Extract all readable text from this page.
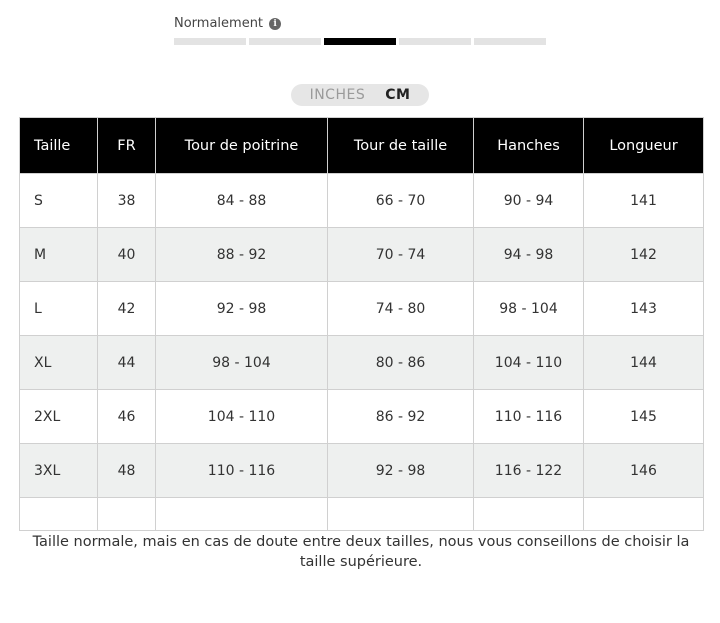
Normalement	i
INCHES CM
Taille	FR	Tour de poitrine	Tour de taille	Hanches	Longueur
S	38	84 - 88	66 - 70	90 - 94	141
M	40	88 - 92	70 - 74	94 - 98	142
L	42	92 - 98	74 - 80	98 - 104	143
XL	44	98 - 104	80 - 86	104 - 110	144
2XL	46	104 - 110	86 - 92	110 - 116	145
3XL	48	110 - 116	92 - 98	116 - 122	146

Taille normale, mais en cas de doute entre deux tailles, nous vous conseillons de choisir la taille supérieure.
